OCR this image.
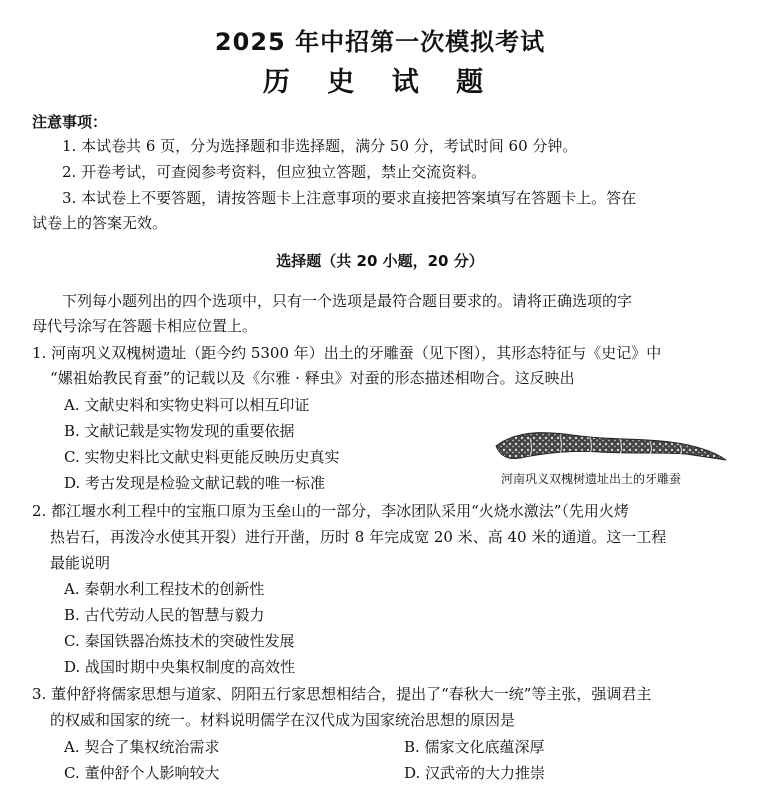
2025 年中招第一次模拟考试
历 史 试 题
注意事项：
1. 本试卷共 6 页，分为选择题和非选择题，满分 50 分，考试时间 60 分钟。
2. 开卷考试，可查阅参考资料，但应独立答题，禁止交流资料。
3. 本试卷上不要答题，请按答题卡上注意事项的要求直接把答案填写在答题卡上。答在
试卷上的答案无效。
选择题（共 20 小题，20 分）
下列每小题列出的四个选项中，只有一个选项是最符合题目要求的。请将正确选项的字
母代号涂写在答题卡相应位置上。
1. 河南巩义双槐树遗址（距今约 5300 年）出土的牙雕蚕（见下图），其形态特征与《史记》中
“嫘祖始教民育蚕”的记载以及《尔雅 · 释虫》对蚕的形态描述相吻合。这反映出
A. 文献史料和实物史料可以相互印证
B. 文献记载是实物发现的重要依据
C. 实物史料比文献史料更能反映历史真实
D. 考古发现是检验文献记载的唯一标准	河南巩义双槐树遗址出土的牙雕蚕
2. 都江堰水利工程中的宝瓶口原为玉垒山的一部分，李冰团队采用“火烧水激法”（先用火烤
热岩石，再泼冷水使其开裂）进行开凿，历时 8 年完成宽 20 米、高 40 米的通道。这一工程
最能说明
A. 秦朝水利工程技术的创新性
B. 古代劳动人民的智慧与毅力
C. 秦国铁器冶炼技术的突破性发展
D. 战国时期中央集权制度的高效性
3. 董仲舒将儒家思想与道家、阴阳五行家思想相结合，提出了“春秋大一统”等主张，强调君主
的权威和国家的统一。材料说明儒学在汉代成为国家统治思想的原因是
A. 契合了集权统治需求	B. 儒家文化底蕴深厚
C. 董仲舒个人影响较大	D. 汉武帝的大力推崇
